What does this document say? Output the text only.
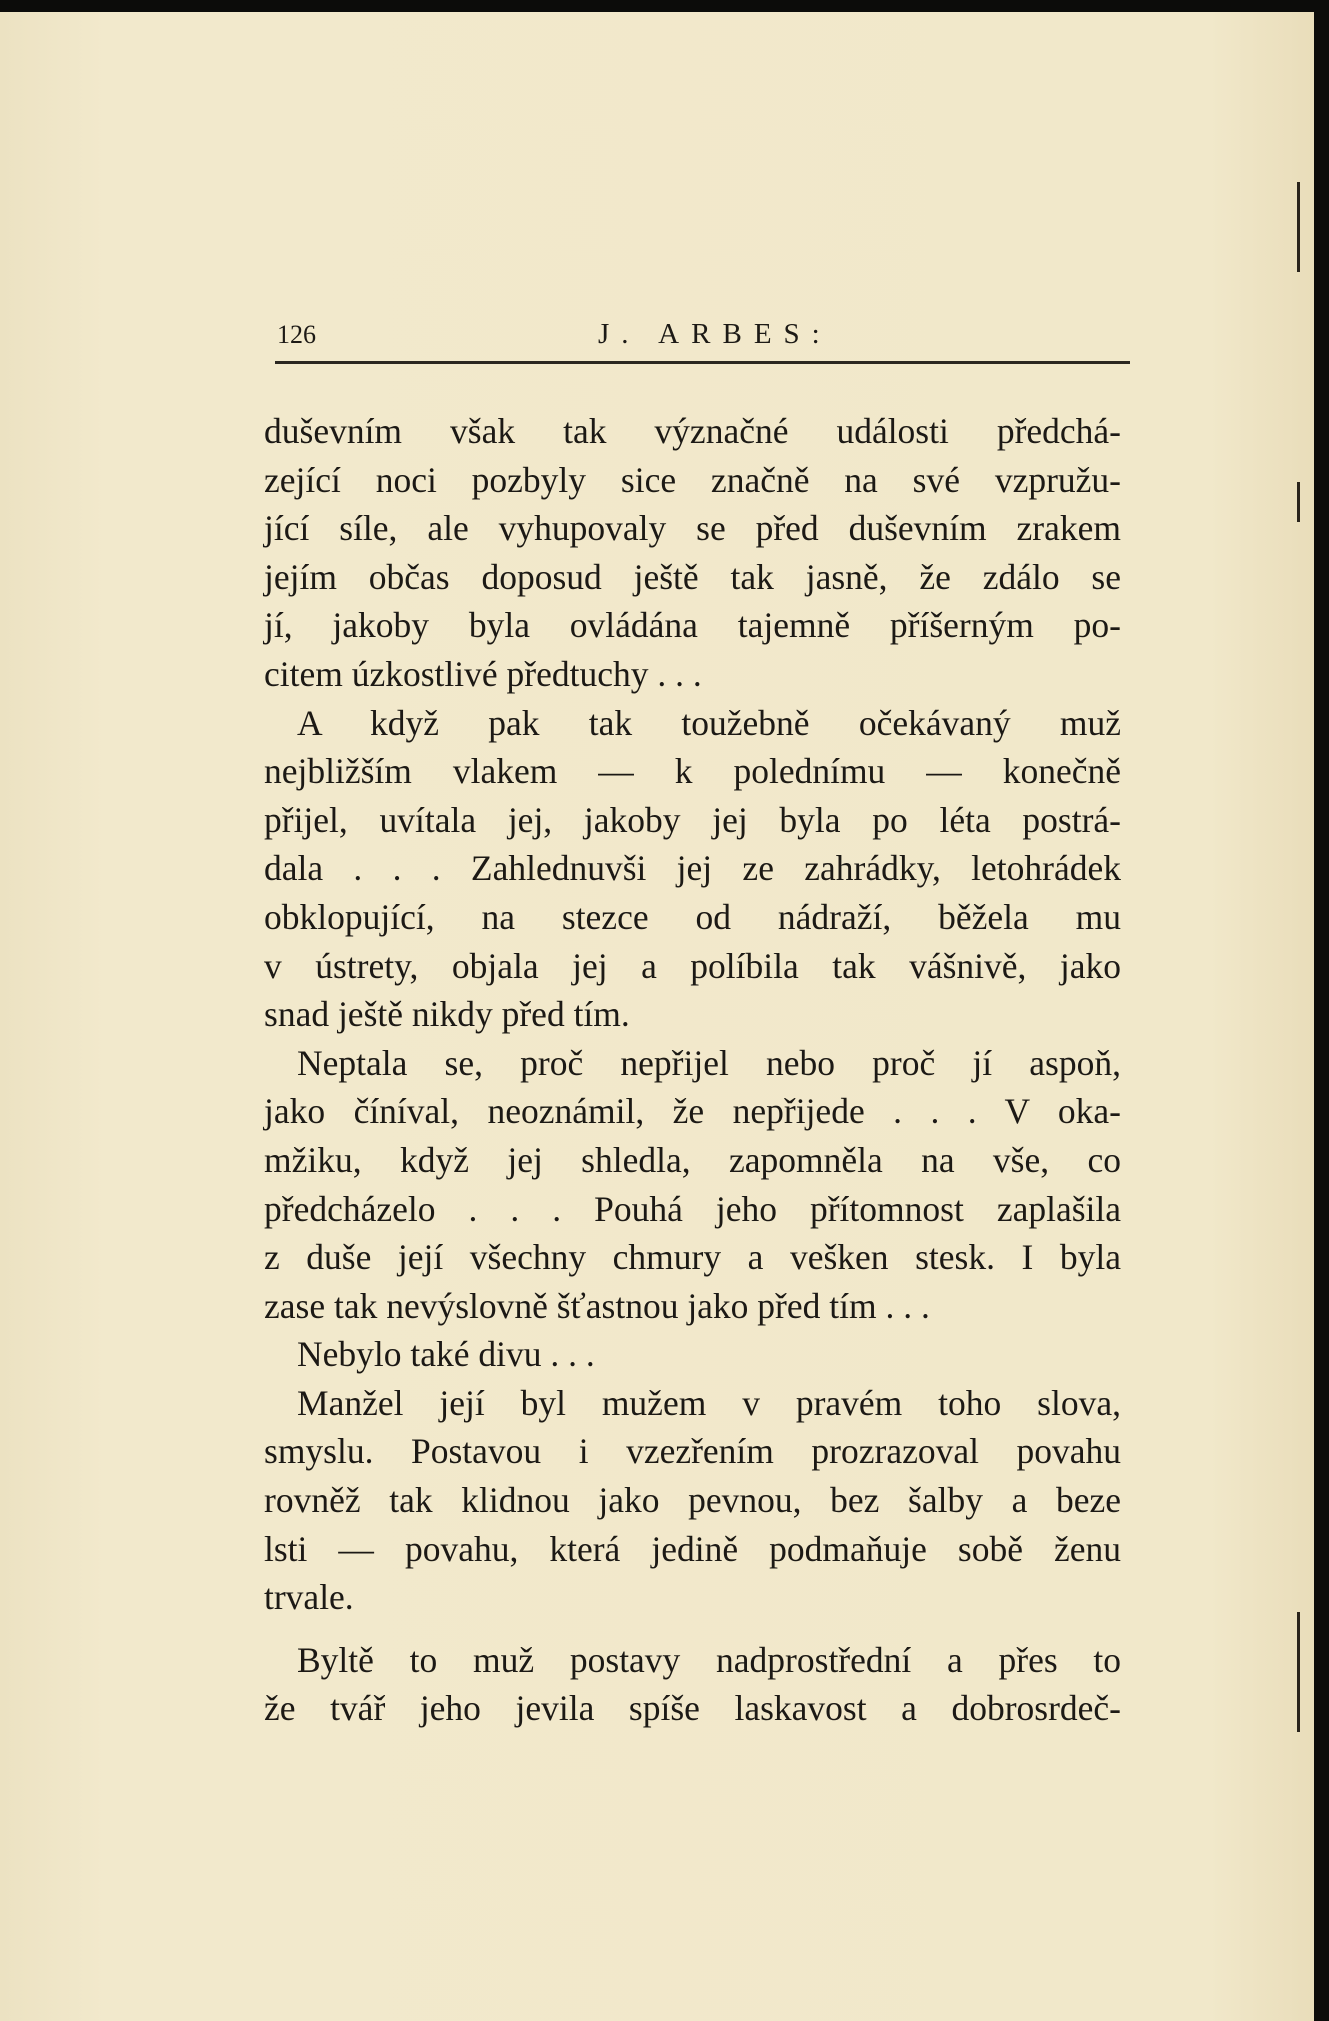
126	J. ARBES:
duševním však tak význačné události předchá-
zející noci pozbyly sice značně na své vzpružu-
jící síle, ale vyhupovaly se před duševním zrakem
jejím občas doposud ještě tak jasně, že zdálo se
jí, jakoby byla ovládána tajemně příšerným po-
citem úzkostlivé předtuchy . . .
A když pak tak toužebně očekávaný muž
nejbližším vlakem — k polednímu — konečně
přijel, uvítala jej, jakoby jej byla po léta postrá-
dala . . . Zahlednuvši jej ze zahrádky, letohrádek
obklopující, na stezce od nádraží, běžela mu
v ústrety, objala jej a políbila tak vášnivě, jako
snad ještě nikdy před tím.
Neptala se, proč nepřijel nebo proč jí aspoň,
jako číníval, neoznámil, že nepřijede . . . V oka-
mžiku, když jej shledla, zapomněla na vše, co
předcházelo . . . Pouhá jeho přítomnost zaplašila
z duše její všechny chmury a vešken stesk. I byla
zase tak nevýslovně šťastnou jako před tím . . .
Nebylo také divu . . .
Manžel její byl mužem v pravém toho slova,
smyslu. Postavou i vzezřením prozrazoval povahu
rovněž tak klidnou jako pevnou, bez šalby a beze
lsti — povahu, která jedině podmaňuje sobě ženu
trvale.
Byltě to muž postavy nadprostřední a přes to
že tvář jeho jevila spíše laskavost a dobrosrdeč-
